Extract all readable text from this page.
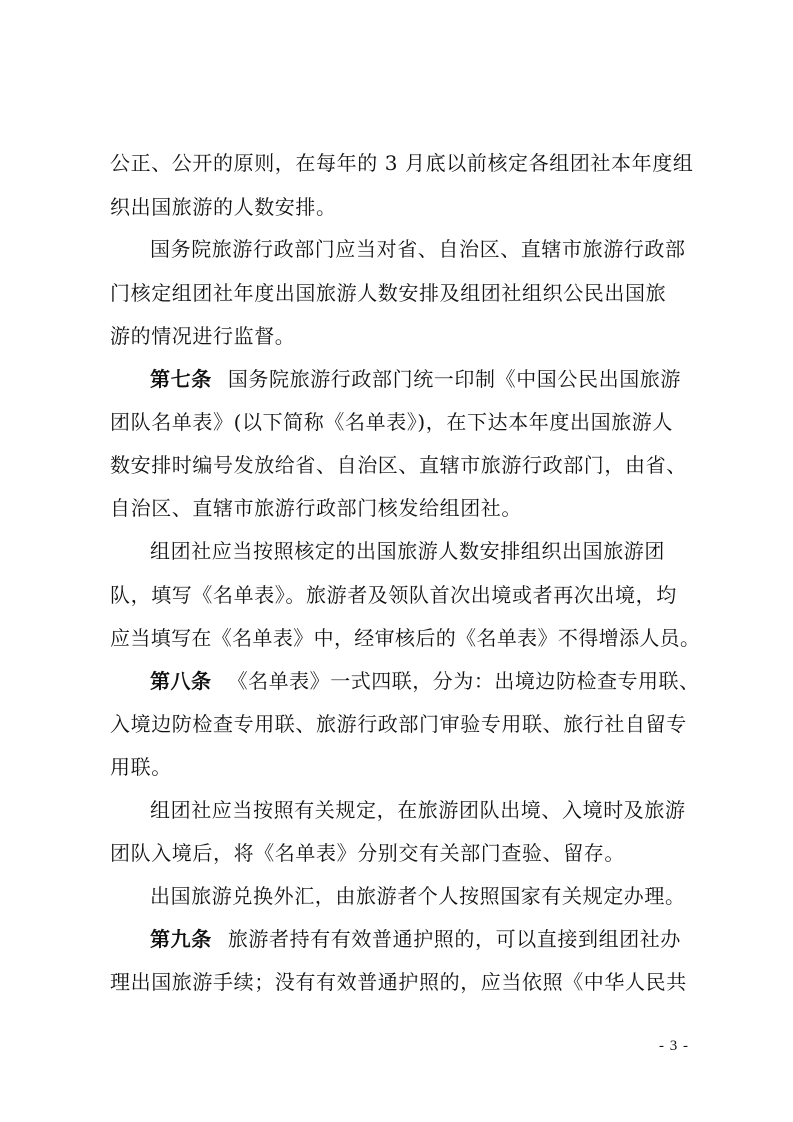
公正、公开的原则，在每年的 3 月底以前核定各组团社本年度组
织出国旅游的人数安排。
国务院旅游行政部门应当对省、自治区、直辖市旅游行政部
门核定组团社年度出国旅游人数安排及组团社组织公民出国旅
游的情况进行监督。
第七条 国务院旅游行政部门统一印制《中国公民出国旅游
团队名单表》(以下简称《名单表》)，在下达本年度出国旅游人
数安排时编号发放给省、自治区、直辖市旅游行政部门，由省、
自治区、直辖市旅游行政部门核发给组团社。
组团社应当按照核定的出国旅游人数安排组织出国旅游团
队，填写《名单表》。旅游者及领队首次出境或者再次出境，均
应当填写在《名单表》中，经审核后的《名单表》不得增添人员。
第八条 《名单表》一式四联，分为：出境边防检查专用联、
入境边防检查专用联、旅游行政部门审验专用联、旅行社自留专
用联。
组团社应当按照有关规定，在旅游团队出境、入境时及旅游
团队入境后，将《名单表》分别交有关部门查验、留存。
出国旅游兑换外汇，由旅游者个人按照国家有关规定办理。
第九条 旅游者持有有效普通护照的，可以直接到组团社办
理出国旅游手续；没有有效普通护照的，应当依照《中华人民共
- 3 -
